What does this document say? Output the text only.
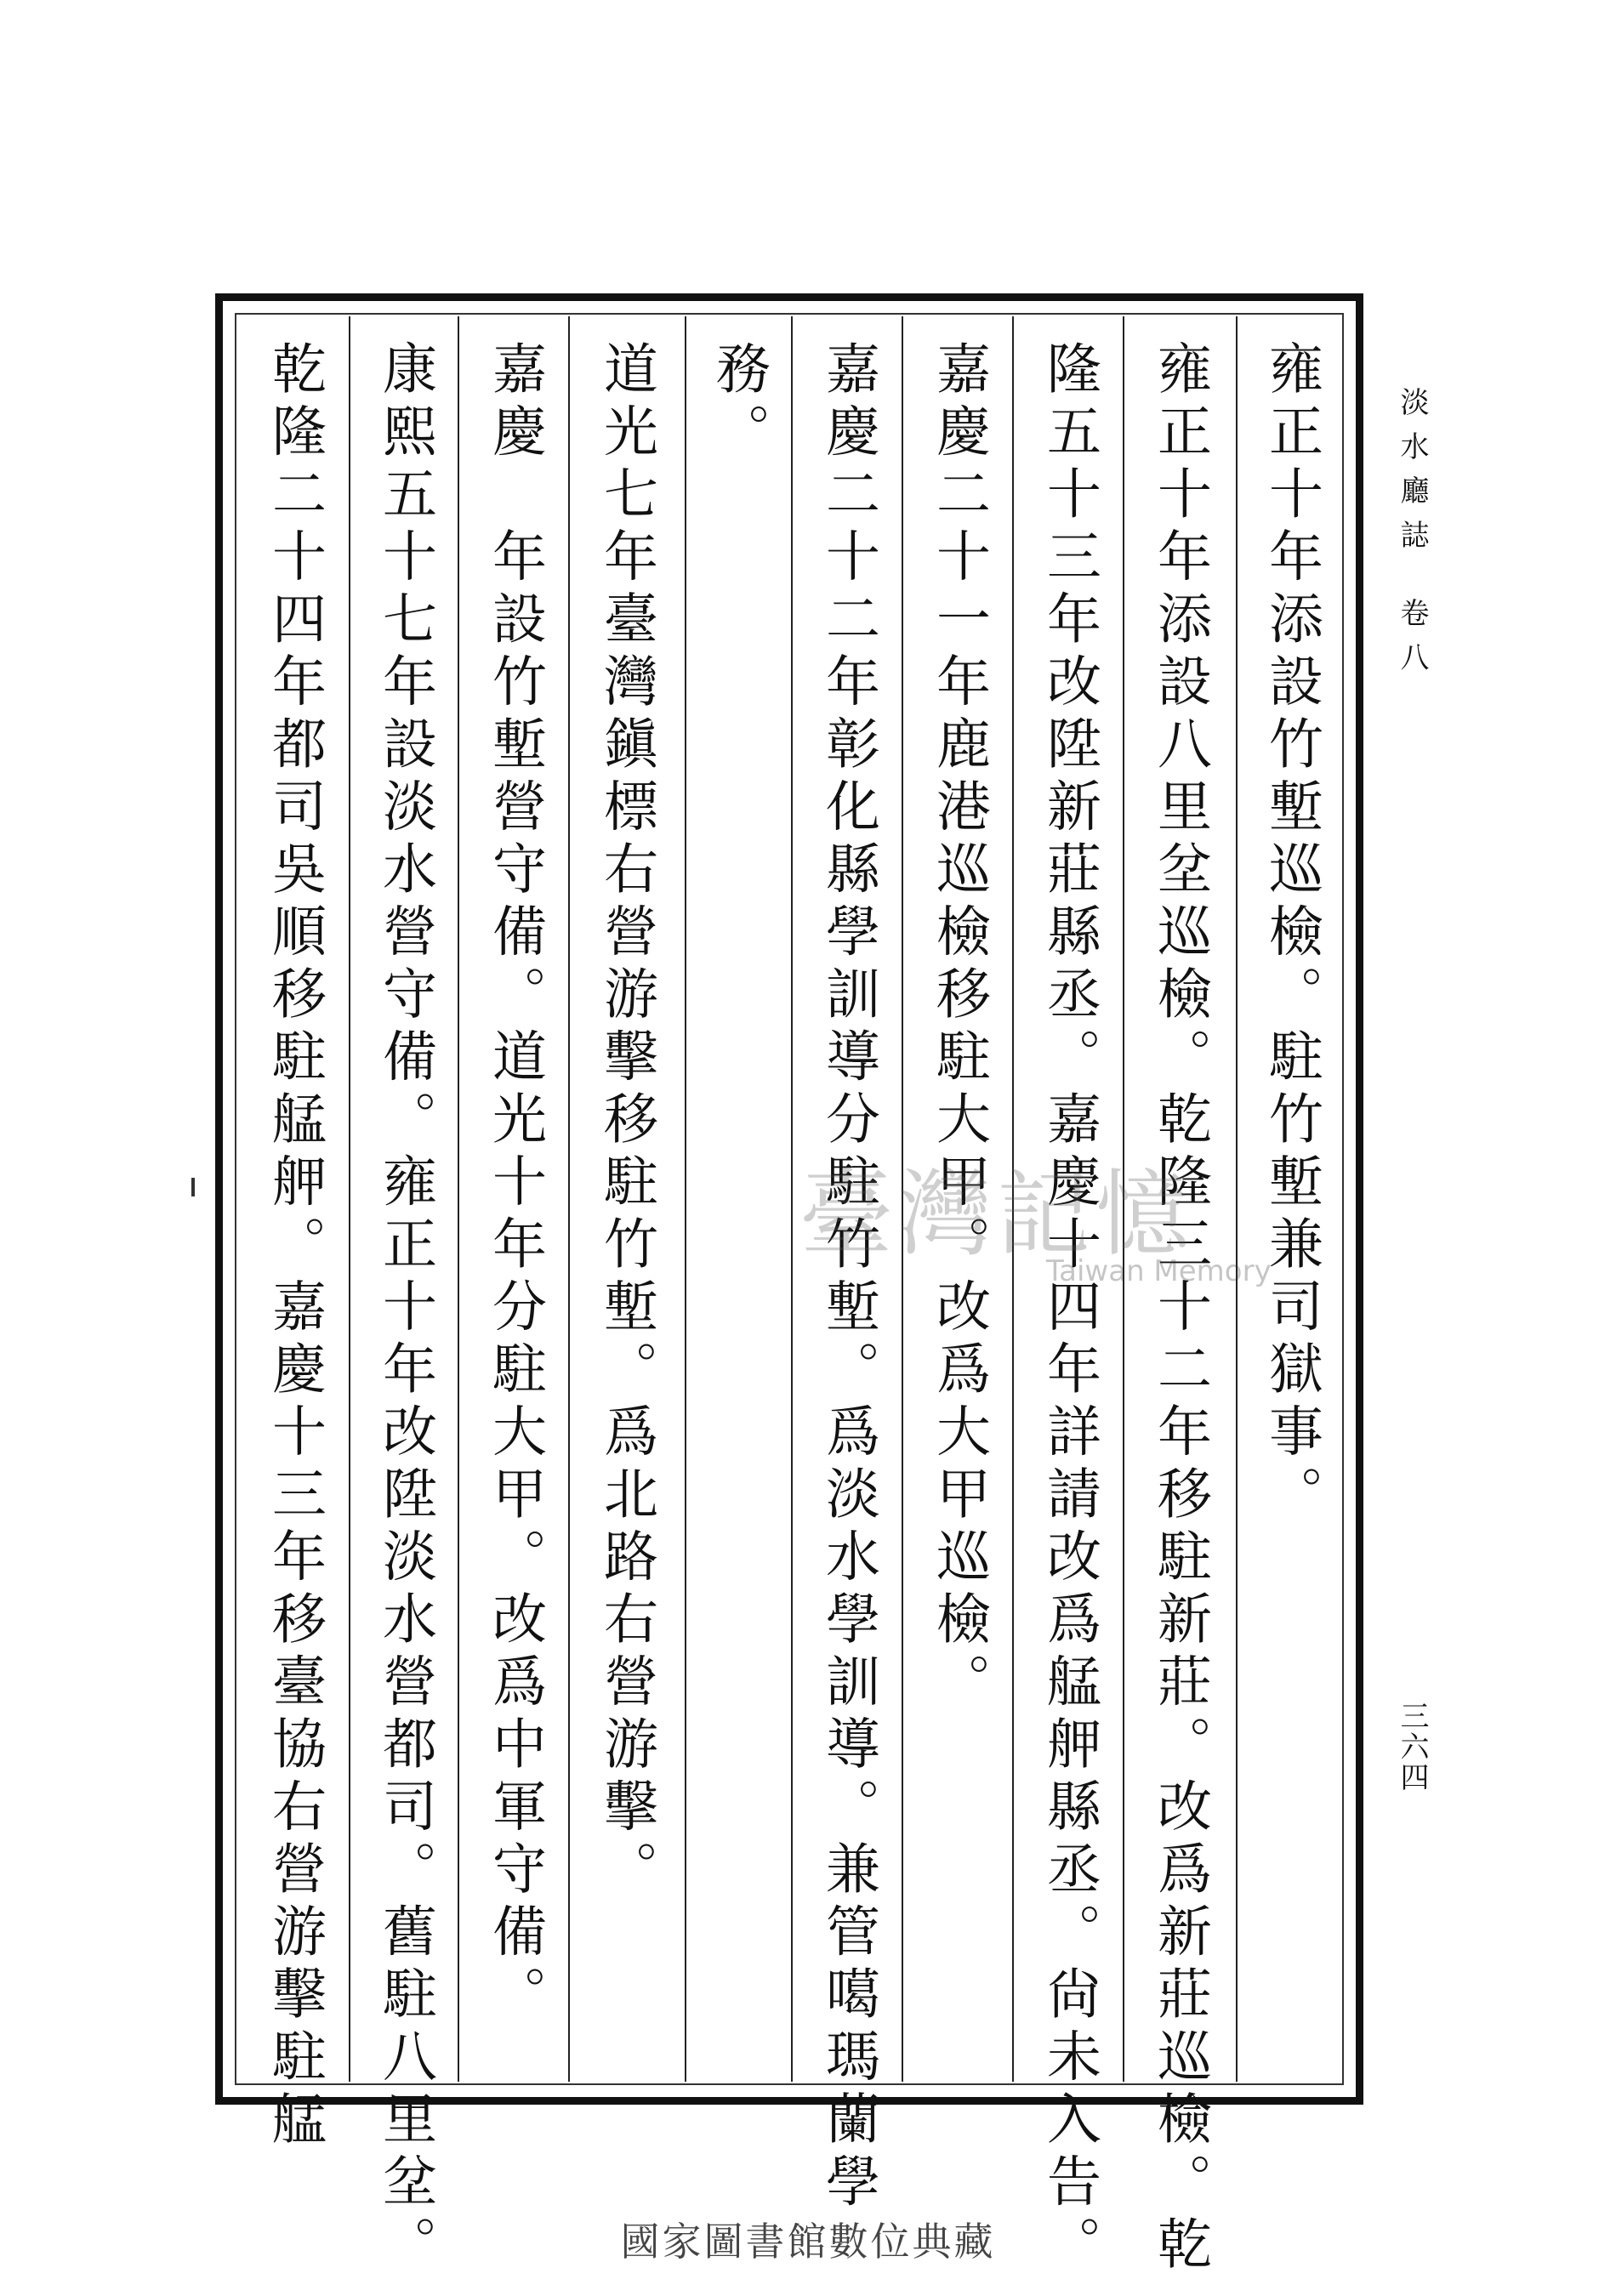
淡水廳誌卷八
三六四
雍正十年添設竹塹巡檢。駐竹塹兼司獄事。
雍正十年添設八里坌巡檢。乾隆三十二年移駐新莊。改爲新莊巡檢。乾
隆五十三年改陞新莊縣丞。嘉慶十四年詳請改爲艋舺縣丞。尙未入告。
嘉慶二十一年鹿港巡檢移駐大甲。改爲大甲巡檢。
嘉慶二十二年彰化縣學訓導分駐竹塹。爲淡水學訓導。兼管噶瑪蘭學
務。
道光七年臺灣鎭標右營游擊移駐竹塹。爲北路右營游擊。
嘉慶　年設竹塹營守備。道光十年分駐大甲。改爲中軍守備。
康熙五十七年設淡水營守備。雍正十年改陞淡水營都司。舊駐八里坌。
乾隆二十四年都司吳順移駐艋舺。嘉慶十三年移臺協右營游擊駐艋	臺灣記憶
Taiwan Memory
國家圖書館數位典藏
